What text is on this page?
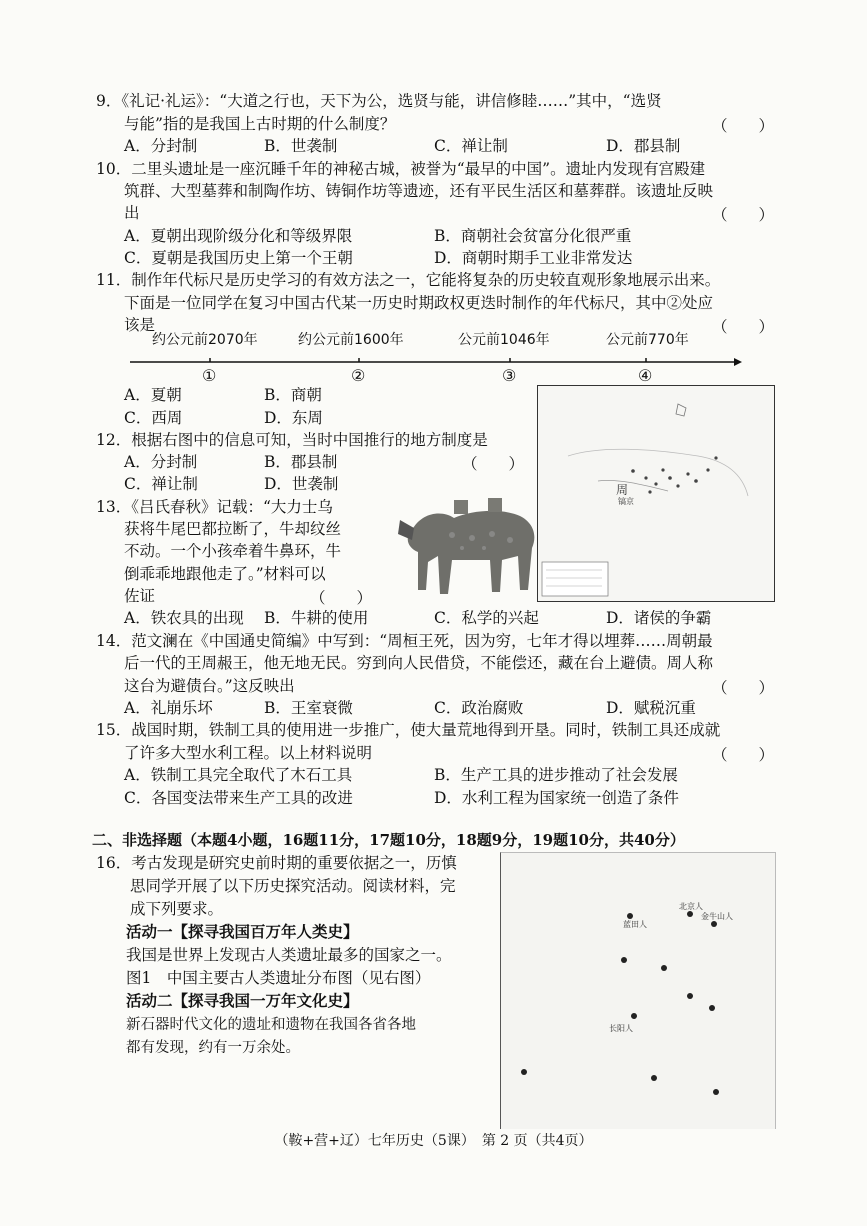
9．《礼记·礼运》：“大道之行也，天下为公，选贤与能，讲信修睦……”其中，“选贤
与能”指的是我国上古时期的什么制度？	（　　）
A．分封制	B．世袭制	C．禅让制	D．郡县制
10．二里头遗址是一座沉睡千年的神秘古城，被誉为“最早的中国”。遗址内发现有宫殿建
筑群、大型墓葬和制陶作坊、铸铜作坊等遗迹，还有平民生活区和墓葬群。该遗址反映
出	（　　）
A．夏朝出现阶级分化和等级界限	B．商朝社会贫富分化很严重
C．夏朝是我国历史上第一个王朝	D．商朝时期手工业非常发达
11．制作年代标尺是历史学习的有效方法之一，它能将复杂的历史较直观形象地展示出来。
下面是一位同学在复习中国古代某一历史时期政权更迭时制作的年代标尺，其中②处应
该是	（　　）
约公元前2070年	约公元前1600年	公元前1046年	公元前770年
①	②	③	④
A．夏朝	B．商朝
C．西周	D．东周
周
镐京
12．根据右图中的信息可知，当时中国推行的地方制度是
（　　）
A．分封制	B．郡县制
C．禅让制	D．世袭制
13．《吕氏春秋》记载：“大力士乌
获将牛尾巴都拉断了，牛却纹丝
不动。一个小孩牵着牛鼻环，牛
倒乖乖地跟他走了。”材料可以
佐证	（　　）
A．铁农具的出现 B．牛耕的使用	C．私学的兴起	D．诸侯的争霸
14．范文澜在《中国通史简编》中写到：“周桓王死，因为穷，七年才得以埋葬……周朝最
后一代的王周赧王，他无地无民。穷到向人民借贷，不能偿还，藏在台上避债。周人称
这台为避债台。”这反映出	（　　）
A．礼崩乐坏	B．王室衰微	C．政治腐败	D．赋税沉重
15．战国时期，铁制工具的使用进一步推广，使大量荒地得到开垦。同时，铁制工具还成就
了许多大型水利工程。以上材料说明	（　　）
A．铁制工具完全取代了木石工具	B．生产工具的进步推动了社会发展
C．各国变法带来生产工具的改进	D．水利工程为国家统一创造了条件
二、非选择题（本题4小题，16题11分，17题10分，18题9分，19题10分，共40分）
16．考古发现是研究史前时期的重要依据之一，历慎
思同学开展了以下历史探究活动。阅读材料，完
成下列要求。
活动一【探寻我国百万年人类史】
我国是世界上发现古人类遗址最多的国家之一。
图1　中国主要古人类遗址分布图（见右图）
活动二【探寻我国一万年文化史】
新石器时代文化的遗址和遗物在我国各省各地
都有发现，约有一万余处。
金牛山人
北京人
蓝田人
长阳人
（鞍+营+辽）七年历史（5课）　第 2 页（共4页）
